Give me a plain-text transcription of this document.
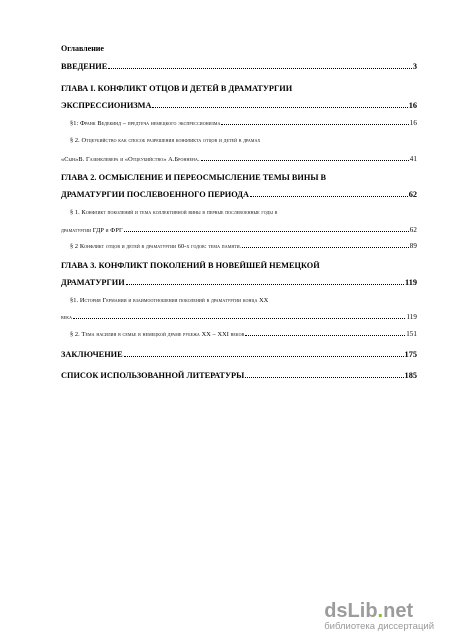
Оглавление
ВВЕДЕНИЕ	3
ГЛАВА I. КОНФЛИКТ ОТЦОВ И ДЕТЕЙ В ДРАМАТУРГИИ
ЭКСПРЕССИОНИЗМА	16
§1: Франк Ведекинд – предтеча немецкого экспрессионизма	16
§ 2. Отцеубийство как способ разрешения конфликта отцов и детей в драмах
«Сын»В. Газенклевера и «Отцеубийство» А.Броннена.	41
ГЛАВА 2. ОСМЫСЛЕНИЕ И ПЕРЕОСМЫСЛЕНИЕ ТЕМЫ ВИНЫ В
ДРАМАТУРГИИ ПОСЛЕВОЕННОГО ПЕРИОДА	62
§ 1. Конфликт поколений и тема коллективной вины в первые послевоенные годы в
драматургии ГДР и ФРГ	62
§ 2 Конфликт отцов и детей в драматургии 60-х годов: тема памяти.	89
ГЛАВА 3. КОНФЛИКТ ПОКОЛЕНИЙ В НОВЕЙШЕЙ НЕМЕЦКОЙ
ДРАМАТУРГИИ	119
§1. История Германии и взаимоотношения поколений в драматургии конца XX
века	119
§ 2. Тема насилия в семье в немецкой драме рубежа XX – XXI веков	151
ЗАКЛЮЧЕНИЕ	175
СПИСОК ИСПОЛЬЗОВАННОЙ ЛИТЕРАТУРЫ	185
dsLib.net
библиотека диссертаций
